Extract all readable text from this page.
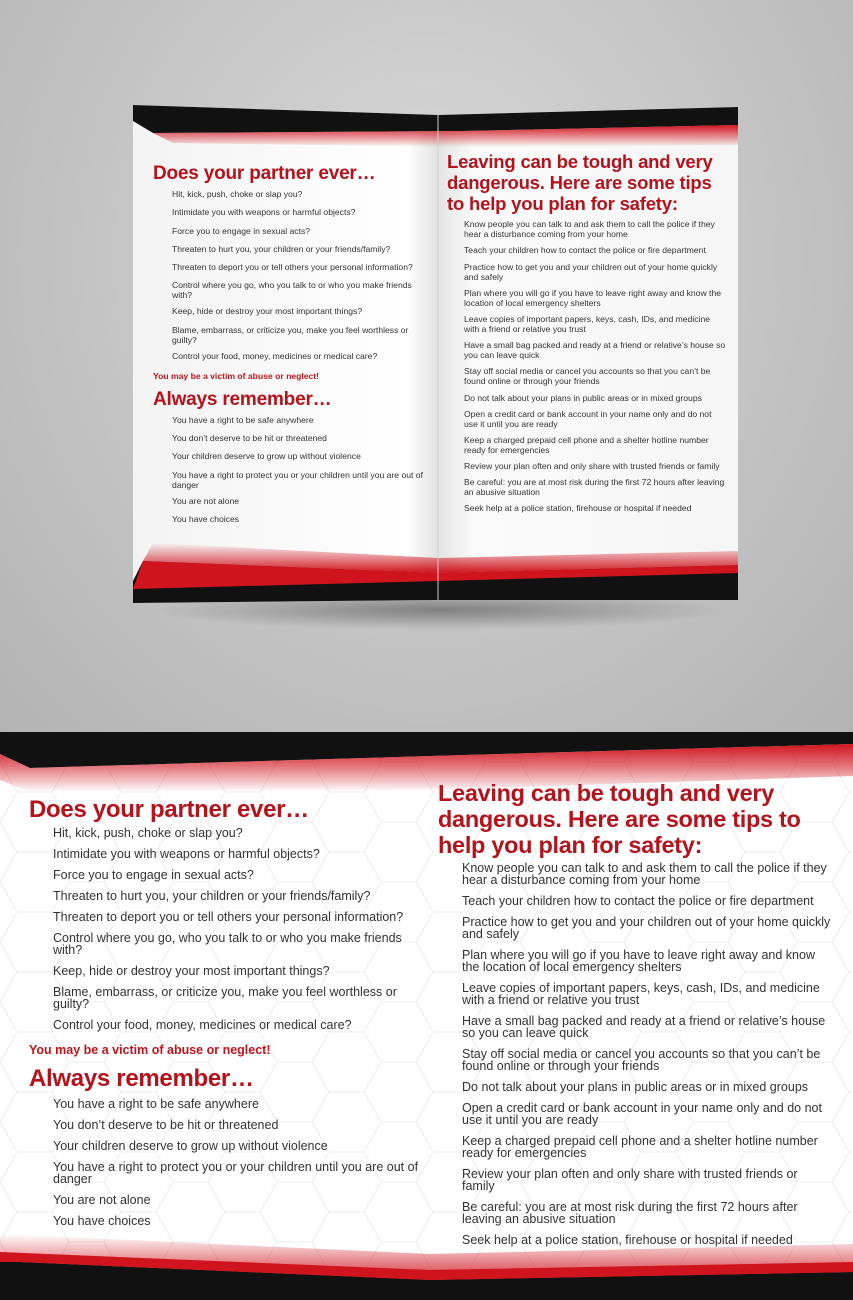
Does your partner ever…
Hit, kick, push, choke or slap you?
Intimidate you with weapons or harmful objects?
Force you to engage in sexual acts?
Threaten to hurt you, your children or your friends/family?
Threaten to deport you or tell others your personal information?
Control where you go, who you talk to or who you make friends with?
Keep, hide or destroy your most important things?
Blame, embarrass, or criticize you, make you feel worthless or guilty?
Control your food, money, medicines or medical care?
You may be a victim of abuse or neglect!
Always remember…
You have a right to be safe anywhere
You don’t deserve to be hit or threatened
Your children deserve to grow up without violence
You have a right to protect you or your children until you are out of danger
You are not alone
You have choices
Leaving can be tough and very dangerous. Here are some tips to help you plan for safety:
Know people you can talk to and ask them to call the police if they hear a disturbance coming from your home
Teach your children how to contact the police or fire department
Practice how to get you and your children out of your home quickly and safely
Plan where you will go if you have to leave right away and know the location of local emergency shelters
Leave copies of important papers, keys, cash, IDs, and medicine with a friend or relative you trust
Have a small bag packed and ready at a friend or relative’s house so you can leave quick
Stay off social media or cancel you accounts so that you can’t be found online or through your friends
Do not talk about your plans in public areas or in mixed groups
Open a credit card or bank account in your name only and do not use it until you are ready
Keep a charged prepaid cell phone and a shelter hotline number ready for emergencies
Review your plan often and only share with trusted friends or family
Be careful: you are at most risk during the first 72 hours after leaving an abusive situation
Seek help at a police station, firehouse or hospital if needed
Does your partner ever…
Hit, kick, push, choke or slap you?
Intimidate you with weapons or harmful objects?
Force you to engage in sexual acts?
Threaten to hurt you, your children or your friends/family?
Threaten to deport you or tell others your personal information?
Control where you go, who you talk to or who you make friends with?
Keep, hide or destroy your most important things?
Blame, embarrass, or criticize you, make you feel worthless or guilty?
Control your food, money, medicines or medical care?
You may be a victim of abuse or neglect!
Always remember…
You have a right to be safe anywhere
You don’t deserve to be hit or threatened
Your children deserve to grow up without violence
You have a right to protect you or your children until you are out of danger
You are not alone
You have choices
Leaving can be tough and very dangerous. Here are some tips to help you plan for safety:
Know people you can talk to and ask them to call the police if they hear a disturbance coming from your home
Teach your children how to contact the police or fire department
Practice how to get you and your children out of your home quickly and safely
Plan where you will go if you have to leave right away and know the location of local emergency shelters
Leave copies of important papers, keys, cash, IDs, and medicine with a friend or relative you trust
Have a small bag packed and ready at a friend or relative’s house so you can leave quick
Stay off social media or cancel you accounts so that you can’t be found online or through your friends
Do not talk about your plans in public areas or in mixed groups
Open a credit card or bank account in your name only and do not use it until you are ready
Keep a charged prepaid cell phone and a shelter hotline number ready for emergencies
Review your plan often and only share with trusted friends or family
Be careful: you are at most risk during the first 72 hours after leaving an abusive situation
Seek help at a police station, firehouse or hospital if needed
